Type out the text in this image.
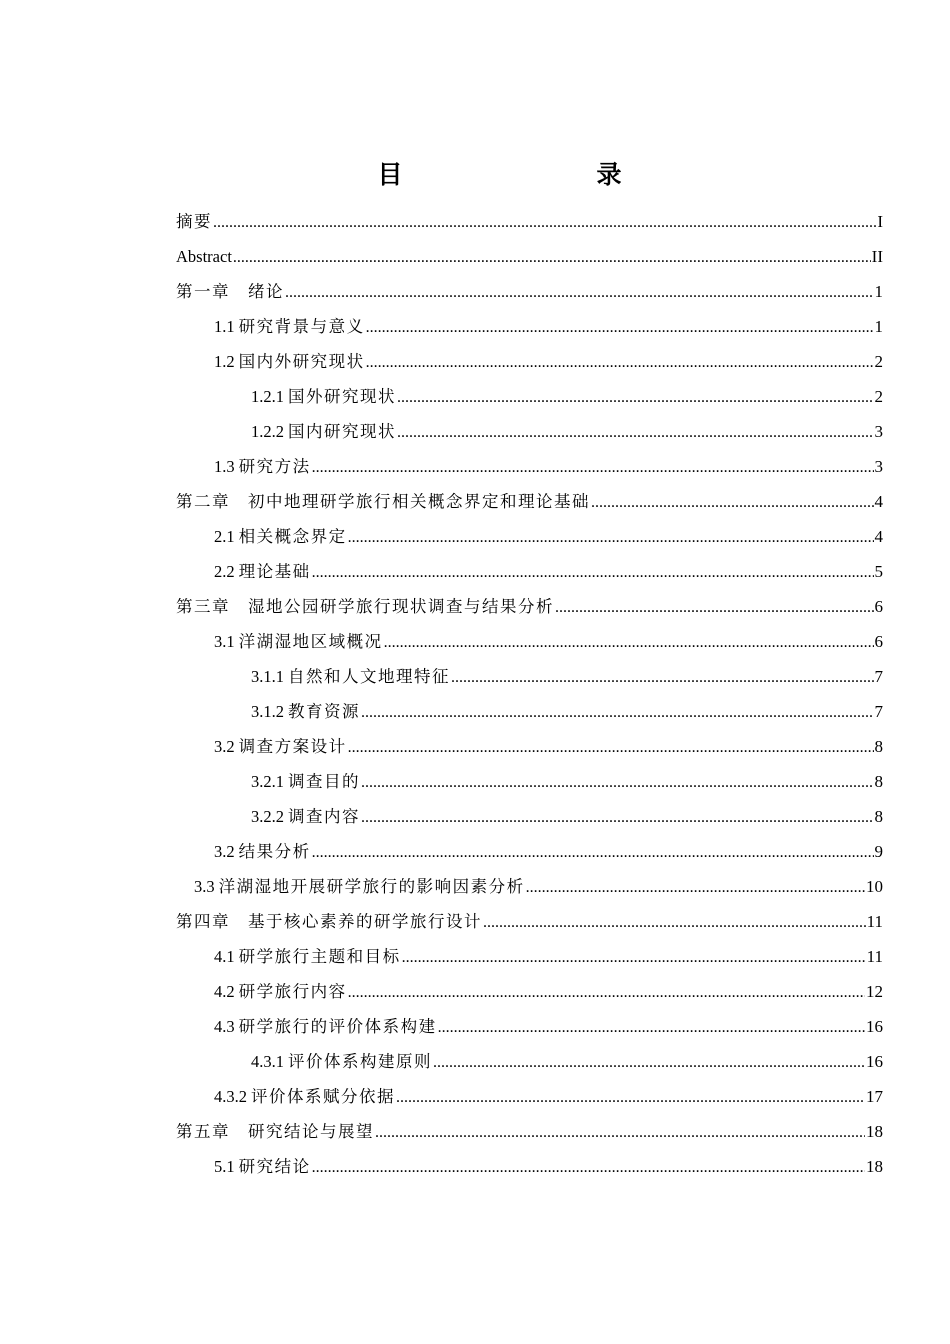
目　　录
摘要 .....	I
Abstract .....	II
第一章　绪论 .....	1
1.1 研究背景与意义 .....	1
1.2 国内外研究现状 .....	2
1.2.1 国外研究现状 .....	2
1.2.2 国内研究现状 .....	3
1.3 研究方法 .....	3
第二章　初中地理研学旅行相关概念界定和理论基础 .....	4
2.1 相关概念界定 .....	4
2.2 理论基础 .....	5
第三章　湿地公园研学旅行现状调查与结果分析 .....	6
3.1 洋湖湿地区域概况 .....	6
3.1.1 自然和人文地理特征 .....	7
3.1.2 教育资源 .....	7
3.2 调查方案设计 .....	8
3.2.1 调查目的 .....	8
3.2.2 调查内容 .....	8
3.2 结果分析 .....	9
3.3 洋湖湿地开展研学旅行的影响因素分析 .....	10
第四章　基于核心素养的研学旅行设计 .....	11
4.1 研学旅行主题和目标 .....	11
4.2 研学旅行内容 .....	12
4.3 研学旅行的评价体系构建 .....	16
4.3.1 评价体系构建原则 .....	16
4.3.2 评价体系赋分依据 .....	17
第五章　研究结论与展望 .....	18
5.1 研究结论 .....	18
